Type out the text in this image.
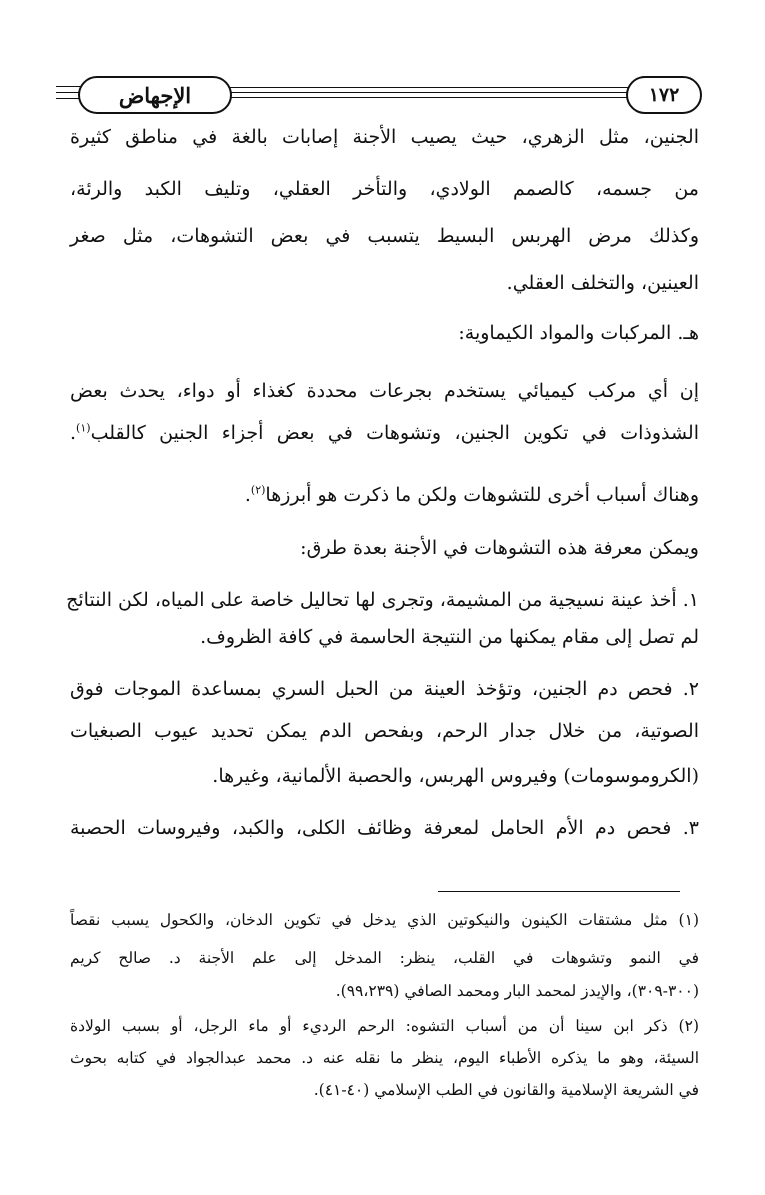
الإجهاض	١٧٢
الجنين، مثل الزهري، حيث يصيب الأجنة إصابات بالغة في مناطق كثيرة
من جسمه، كالصمم الولادي، والتأخر العقلي، وتليف الكبد والرئة،
وكذلك مرض الهربس البسيط يتسبب في بعض التشوهات، مثل صغر
العينين، والتخلف العقلي.
هـ. المركبات والمواد الكيماوية:
إن أي مركب كيميائي يستخدم بجرعات محددة كغذاء أو دواء، يحدث بعض
الشذوذات في تكوين الجنين، وتشوهات في بعض أجزاء الجنين كالقلب$^{(١)}$.
وهناك أسباب أخرى للتشوهات ولكن ما ذكرت هو أبرزها$^{(٢)}$.
ويمكن معرفة هذه التشوهات في الأجنة بعدة طرق:
١. أخذ عينة نسيجية من المشيمة، وتجرى لها تحاليل خاصة على المياه، لكن النتائج
لم تصل إلى مقام يمكنها من النتيجة الحاسمة في كافة الظروف.
٢. فحص دم الجنين، وتؤخذ العينة من الحبل السري بمساعدة الموجات فوق
الصوتية، من خلال جدار الرحم، وبفحص الدم يمكن تحديد عيوب الصبغيات
(الكروموسومات) وفيروس الهربس، والحصبة الألمانية، وغيرها.
٣. فحص دم الأم الحامل لمعرفة وظائف الكلى، والكبد، وفيروسات الحصبة
(١) مثل مشتقات الكينون والنيكوتين الذي يدخل في تكوين الدخان، والكحول يسبب نقصاً
في النمو وتشوهات في القلب، ينظر: المدخل إلى علم الأجنة د. صالح كريم
(٣٠٠-٣٠٩)، والإيدز لمحمد البار ومحمد الصافي (٩٩،٢٣٩).
(٢) ذكر ابن سينا أن من أسباب التشوه: الرحم الرديء أو ماء الرجل، أو بسبب الولادة
السيئة، وهو ما يذكره الأطباء اليوم، ينظر ما نقله عنه د. محمد عبدالجواد في كتابه بحوث
في الشريعة الإسلامية والقانون في الطب الإسلامي (٤٠-٤١).
